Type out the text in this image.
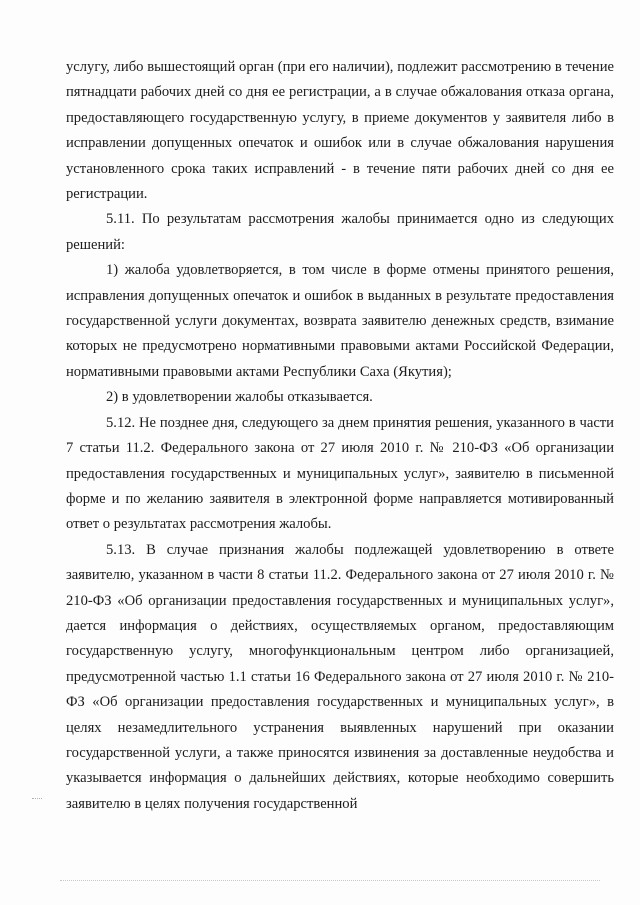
услугу, либо вышестоящий орган (при его наличии), подлежит рассмотрению в течение пятнадцати рабочих дней со дня ее регистрации, а в случае обжалования отказа органа, предоставляющего государственную услугу, в приеме документов у заявителя либо в исправлении допущенных опечаток и ошибок или в случае обжалования нарушения установленного срока таких исправлений - в течение пяти рабочих дней со дня ее регистрации.

5.11. По результатам рассмотрения жалобы принимается одно из следующих решений:

1) жалоба удовлетворяется, в том числе в форме отмены принятого решения, исправления допущенных опечаток и ошибок в выданных в результате предоставления государственной услуги документах, возврата заявителю денежных средств, взимание которых не предусмотрено нормативными правовыми актами Российской Федерации, нормативными правовыми актами Республики Саха (Якутия);

2) в удовлетворении жалобы отказывается.

5.12. Не позднее дня, следующего за днем принятия решения, указанного в части 7 статьи 11.2. Федерального закона от 27 июля 2010 г. № 210-ФЗ «Об организации предоставления государственных и муниципальных услуг», заявителю в письменной форме и по желанию заявителя в электронной форме направляется мотивированный ответ о результатах рассмотрения жалобы.

5.13. В случае признания жалобы подлежащей удовлетворению в ответе заявителю, указанном в части 8 статьи 11.2. Федерального закона от 27 июля 2010 г. № 210-ФЗ «Об организации предоставления государственных и муниципальных услуг», дается информация о действиях, осуществляемых органом, предоставляющим государственную услугу, многофункциональным центром либо организацией, предусмотренной частью 1.1 статьи 16 Федерального закона от 27 июля 2010 г. № 210-ФЗ «Об организации предоставления государственных и муниципальных услуг», в целях незамедлительного устранения выявленных нарушений при оказании государственной услуги, а также приносятся извинения за доставленные неудобства и указывается информация о дальнейших действиях, которые необходимо совершить заявителю в целях получения государственной
